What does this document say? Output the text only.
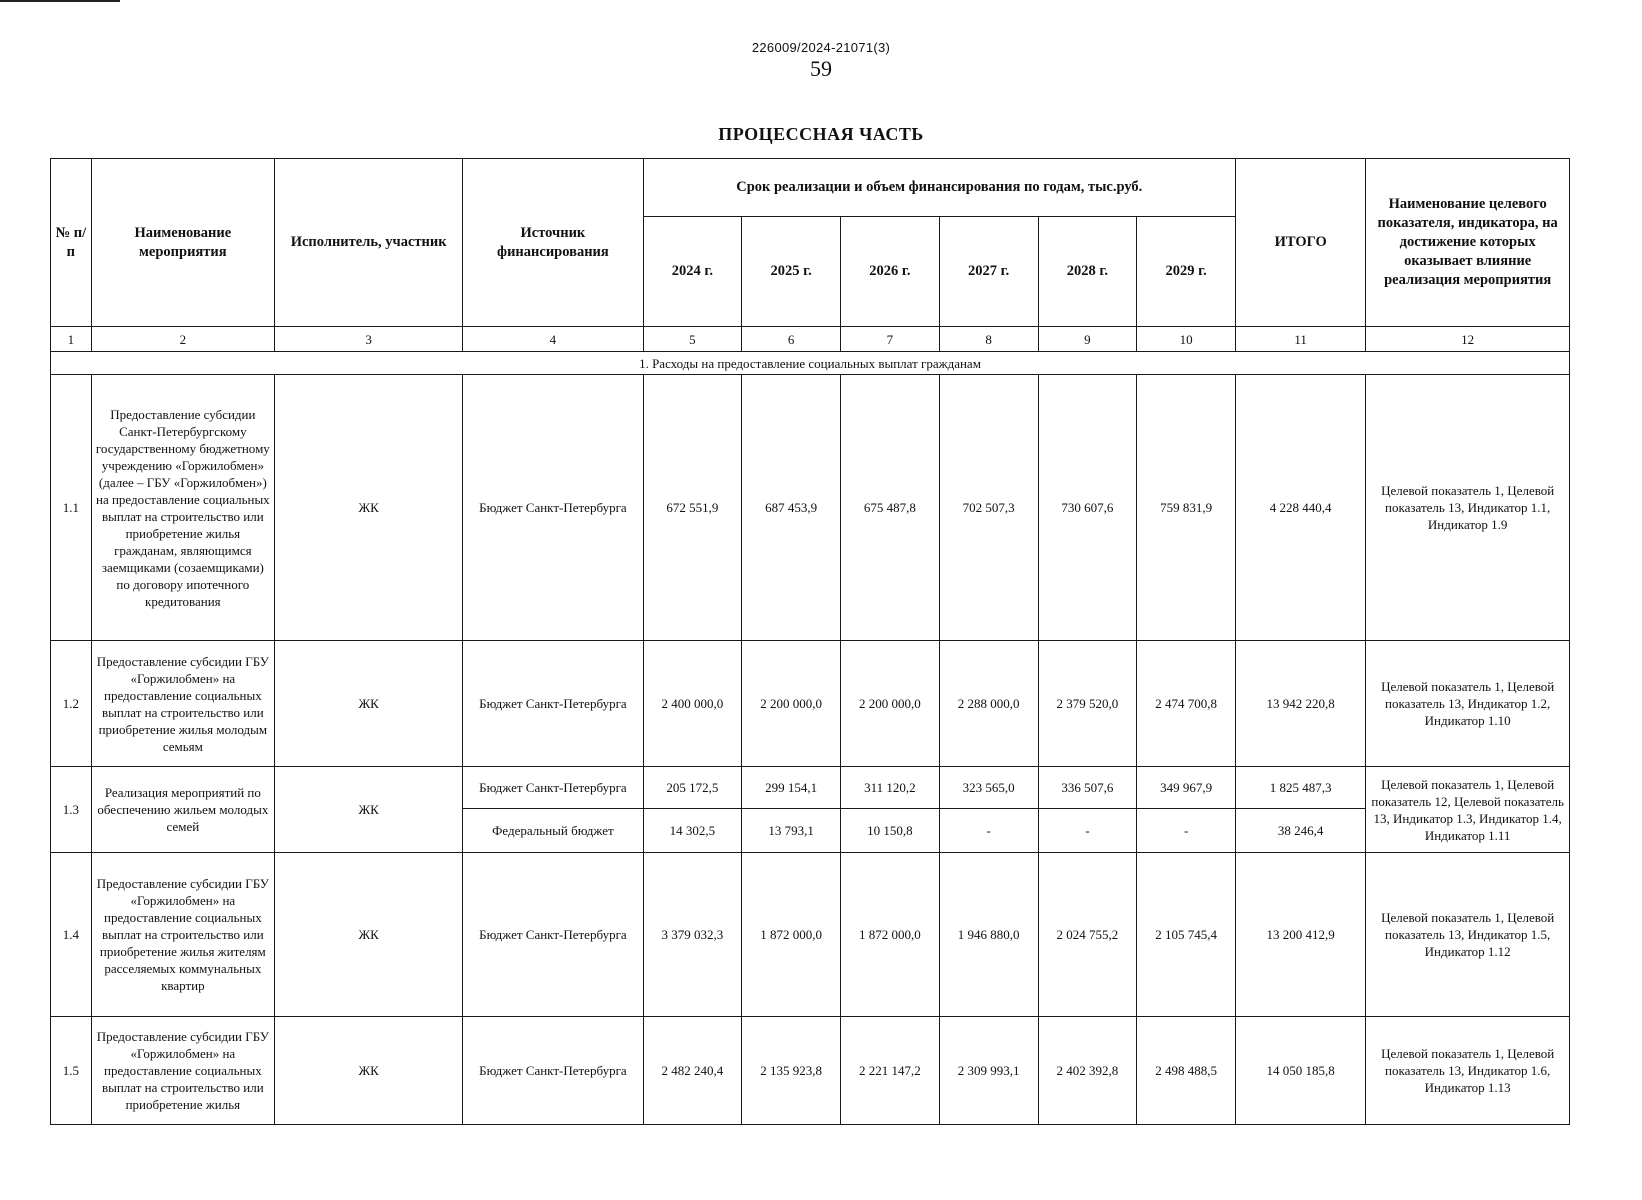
226009/2024-21071(3)
59
ПРОЦЕССНАЯ ЧАСТЬ
№ п/п	Наименование мероприятия	Исполнитель, участник	Источник финансирования	Срок реализации и объем финансирования по годам, тыс.руб.						ИТОГО	Наименование целевого показателя, индикатора, на достижение которых оказывает влияние реализация мероприятия
				2024 г.	2025 г.	2026 г.	2027 г.	2028 г.	2029 г.		
1	2	3	4	5	6	7	8	9	10	11	12
1. Расходы на предоставление социальных выплат гражданам											
1.1	Предоставление субсидии Санкт-Петербургскому государственному бюджетному учреждению «Горжилобмен» (далее – ГБУ «Горжилобмен») на предоставление социальных выплат на строительство или приобретение жилья гражданам, являющимся заемщиками (созаемщиками) по договору ипотечного кредитования	ЖК	Бюджет Санкт-Петербурга	672 551,9	687 453,9	675 487,8	702 507,3	730 607,6	759 831,9	4 228 440,4	Целевой показатель 1, Целевой показатель 13, Индикатор 1.1, Индикатор 1.9
1.2	Предоставление субсидии ГБУ «Горжилобмен» на предоставление социальных выплат на строительство или приобретение жилья молодым семьям	ЖК	Бюджет Санкт-Петербурга	2 400 000,0	2 200 000,0	2 200 000,0	2 288 000,0	2 379 520,0	2 474 700,8	13 942 220,8	Целевой показатель 1, Целевой показатель 13, Индикатор 1.2, Индикатор 1.10
1.3	Реализация мероприятий по обеспечению жильем молодых семей	ЖК	Бюджет Санкт-Петербурга	205 172,5	299 154,1	311 120,2	323 565,0	336 507,6	349 967,9	1 825 487,3	Целевой показатель 1, Целевой показатель 12, Целевой показатель 13, Индикатор 1.3, Индикатор 1.4, Индикатор 1.11
			Федеральный бюджет	14 302,5	13 793,1	10 150,8	-	-	-	38 246,4	
1.4	Предоставление субсидии ГБУ «Горжилобмен» на предоставление социальных выплат на строительство или приобретение жилья жителям расселяемых коммунальных квартир	ЖК	Бюджет Санкт-Петербурга	3 379 032,3	1 872 000,0	1 872 000,0	1 946 880,0	2 024 755,2	2 105 745,4	13 200 412,9	Целевой показатель 1, Целевой показатель 13, Индикатор 1.5, Индикатор 1.12
1.5	Предоставление субсидии ГБУ «Горжилобмен» на предоставление социальных выплат на строительство или приобретение жилья	ЖК	Бюджет Санкт-Петербурга	2 482 240,4	2 135 923,8	2 221 147,2	2 309 993,1	2 402 392,8	2 498 488,5	14 050 185,8	Целевой показатель 1, Целевой показатель 13, Индикатор 1.6, Индикатор 1.13
